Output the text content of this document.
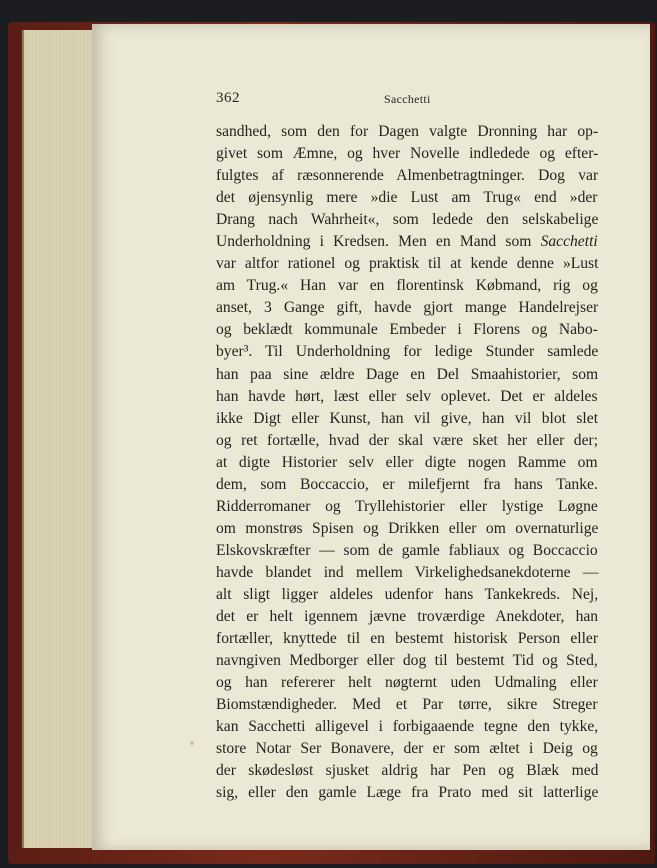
362	Sacchetti
sandhed, som den for Dagen valgte Dronning har op-
givet som Æmne, og hver Novelle indledede og efter-
fulgtes af ræsonnerende Almenbetragtninger. Dog var
det øjensynlig mere »die Lust am Trug« end »der
Drang nach Wahrheit«, som ledede den selskabelige
Underholdning i Kredsen. Men en Mand som Sacchetti
var altfor rationel og praktisk til at kende denne »Lust
am Trug.« Han var en florentinsk Købmand, rig og
anset, 3 Gange gift, havde gjort mange Handelrejser
og beklædt kommunale Embeder i Florens og Nabo-
byer³. Til Underholdning for ledige Stunder samlede
han paa sine ældre Dage en Del Smaahistorier, som
han havde hørt, læst eller selv oplevet. Det er aldeles
ikke Digt eller Kunst, han vil give, han vil blot slet
og ret fortælle, hvad der skal være sket her eller der;
at digte Historier selv eller digte nogen Ramme om
dem, som Boccaccio, er milefjernt fra hans Tanke.
Ridderromaner og Tryllehistorier eller lystige Løgne
om monstrøs Spisen og Drikken eller om overnaturlige
Elskovskræfter — som de gamle fabliaux og Boccaccio
havde blandet ind mellem Virkelighedsanekdoterne —
alt sligt ligger aldeles udenfor hans Tankekreds. Nej,
det er helt igennem jævne troværdige Anekdoter, han
fortæller, knyttede til en bestemt historisk Person eller
navngiven Medborger eller dog til bestemt Tid og Sted,
og han refererer helt nøgternt uden Udmaling eller
Biomstændigheder. Med et Par tørre, sikre Streger
kan Sacchetti alligevel i forbigaaende tegne den tykke,
store Notar Ser Bonavere, der er som æltet i Deig og
der skødesløst sjusket aldrig har Pen og Blæk med
sig, eller den gamle Læge fra Prato med sit latterlige
